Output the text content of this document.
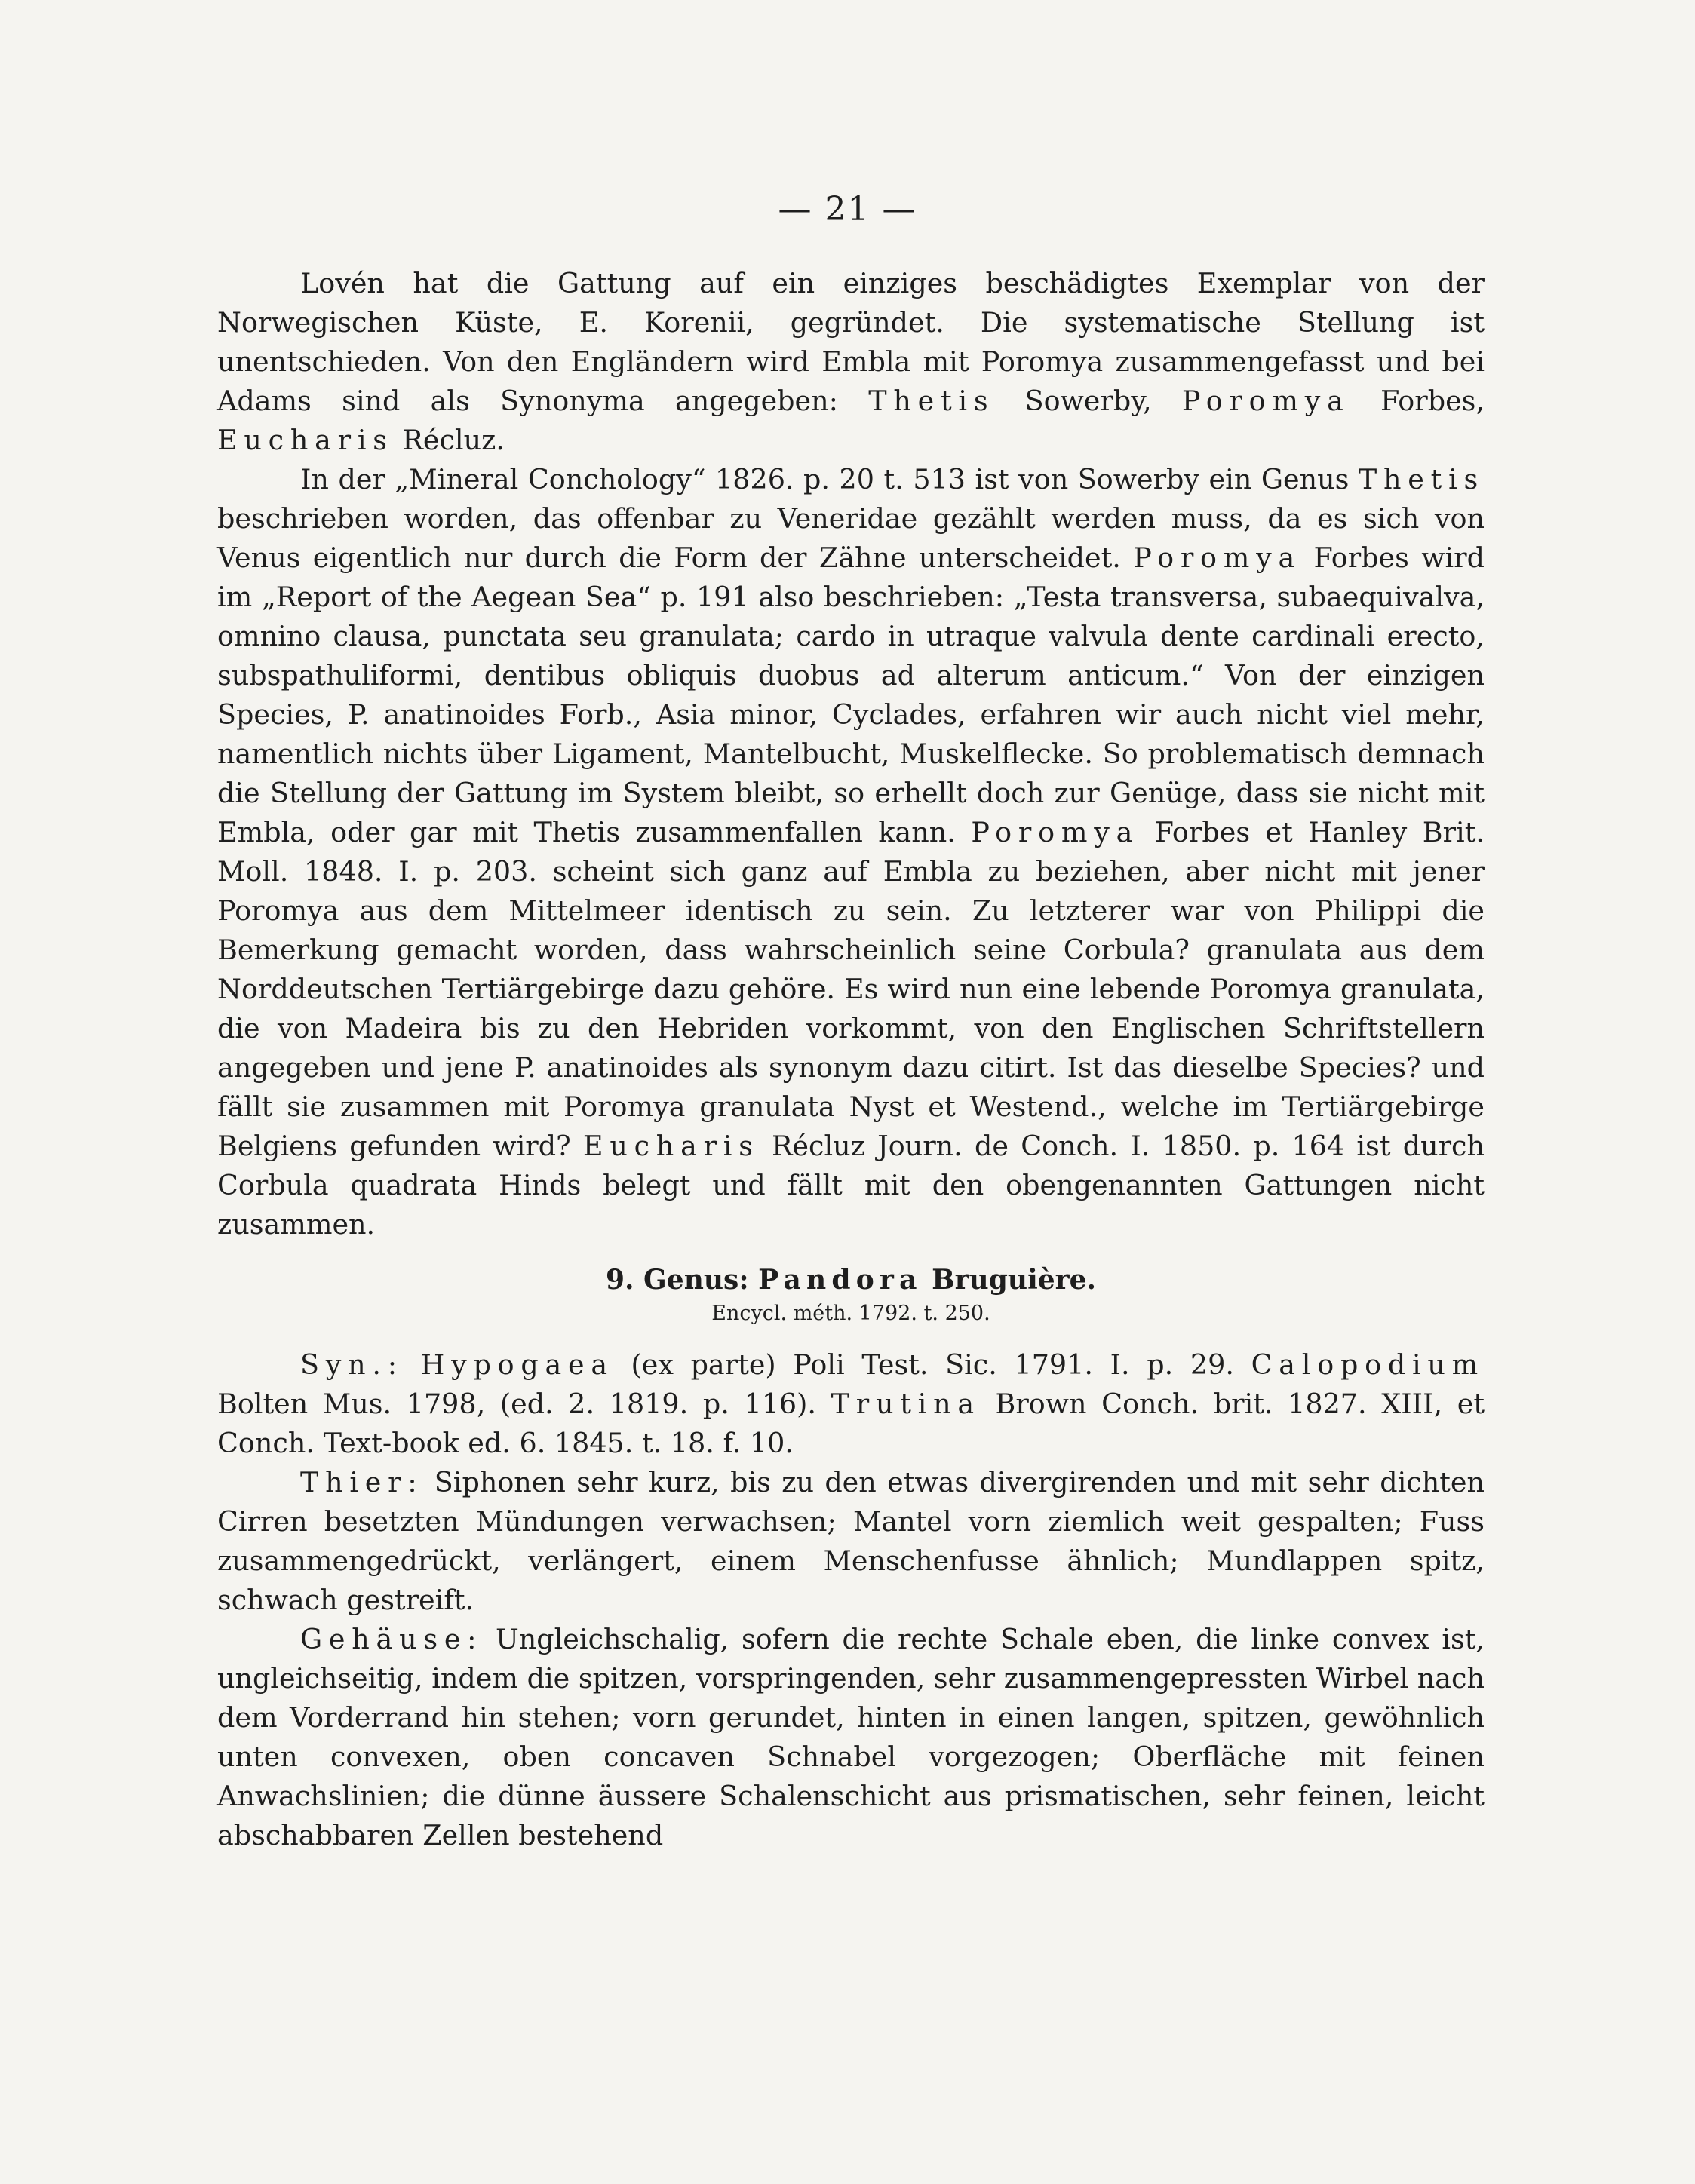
— 21 —

Lovén hat die Gattung auf ein einziges beschädigtes Exemplar von der Norwegischen Küste, E. Korenii, gegründet. Die systematische Stellung ist unentschieden. Von den Engländern wird Embla mit Poromya zusammengefasst und bei Adams sind als Synonyma angegeben: Thetis Sowerby, Poromya Forbes, Eucharis Récluz.

In der „Mineral Conchology“ 1826. p. 20 t. 513 ist von Sowerby ein Genus Thetis beschrieben worden, das offenbar zu Veneridae gezählt werden muss, da es sich von Venus eigentlich nur durch die Form der Zähne unterscheidet. Poromya Forbes wird im „Report of the Aegean Sea“ p. 191 also beschrieben: „Testa transversa, subaequivalva, omnino clausa, punctata seu granulata; cardo in utraque valvula dente cardinali erecto, subspathuliformi, dentibus obliquis duobus ad alterum anticum.“ Von der einzigen Species, P. anatinoides Forb., Asia minor, Cyclades, erfahren wir auch nicht viel mehr, namentlich nichts über Ligament, Mantelbucht, Muskelflecke. So problematisch demnach die Stellung der Gattung im System bleibt, so erhellt doch zur Genüge, dass sie nicht mit Embla, oder gar mit Thetis zusammenfallen kann. Poromya Forbes et Hanley Brit. Moll. 1848. I. p. 203. scheint sich ganz auf Embla zu beziehen, aber nicht mit jener Poromya aus dem Mittelmeer identisch zu sein. Zu letzterer war von Philippi die Bemerkung gemacht worden, dass wahrscheinlich seine Corbula? granulata aus dem Norddeutschen Tertiärgebirge dazu gehöre. Es wird nun eine lebende Poromya granulata, die von Madeira bis zu den Hebriden vorkommt, von den Englischen Schriftstellern angegeben und jene P. anatinoides als synonym dazu citirt. Ist das dieselbe Species? und fällt sie zusammen mit Poromya granulata Nyst et Westend., welche im Tertiärgebirge Belgiens gefunden wird? Eucharis Récluz Journ. de Conch. I. 1850. p. 164 ist durch Corbula quadrata Hinds belegt und fällt mit den obengenannten Gattungen nicht zusammen.

9. Genus: Pandora Bruguière.
Encycl. méth. 1792. t. 250.

Syn.: Hypogaea (ex parte) Poli Test. Sic. 1791. I. p. 29. Calopodium Bolten Mus. 1798, (ed. 2. 1819. p. 116). Trutina Brown Conch. brit. 1827. XIII, et Conch. Text-book ed. 6. 1845. t. 18. f. 10.

Thier: Siphonen sehr kurz, bis zu den etwas divergirenden und mit sehr dichten Cirren besetzten Mündungen verwachsen; Mantel vorn ziemlich weit gespalten; Fuss zusammengedrückt, verlängert, einem Menschenfusse ähnlich; Mundlappen spitz, schwach gestreift.

Gehäuse: Ungleichschalig, sofern die rechte Schale eben, die linke convex ist, ungleichseitig, indem die spitzen, vorspringenden, sehr zusammengepressten Wirbel nach dem Vorderrand hin stehen; vorn gerundet, hinten in einen langen, spitzen, gewöhnlich unten convexen, oben concaven Schnabel vorgezogen; Oberfläche mit feinen Anwachslinien; die dünne äussere Schalenschicht aus prismatischen, sehr feinen, leicht abschabbaren Zellen bestehend
